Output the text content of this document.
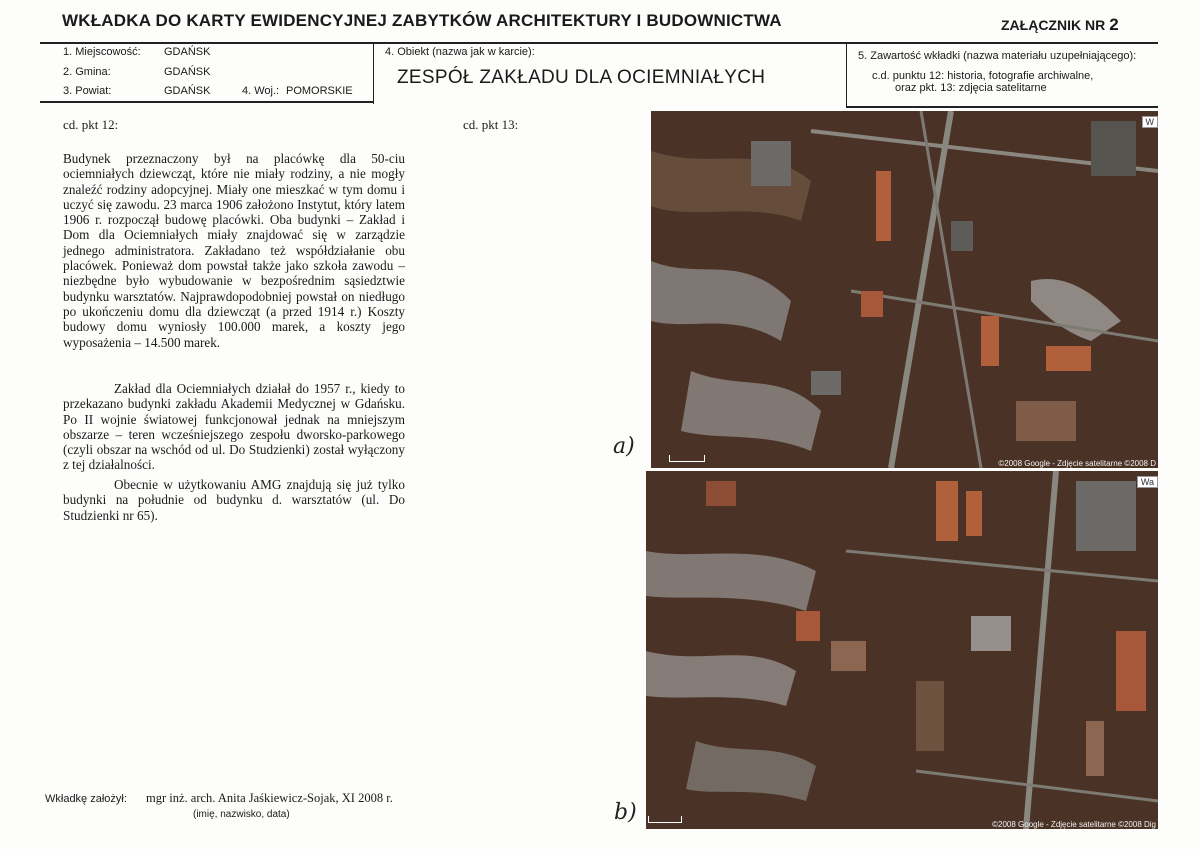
WKŁADKA DO KARTY EWIDENCYJNEJ ZABYTKÓW ARCHITEKTURY I BUDOWNICTWA	ZAŁĄCZNIK NR 2
1. Miejscowość: GDAŃSK
2. Gmina:	GDAŃSK
3. Powiat:	GDAŃSK	4. Woj.: POMORSKIE
4. Obiekt (nazwa jak w karcie):
ZESPÓŁ ZAKŁADU DLA OCIEMNIAŁYCH
5. Zawartość wkładki (nazwa materiału uzupełniającego):
c.d. punktu 12: historia, fotografie archiwalne,
oraz pkt. 13: zdjęcia satelitarne
cd. pkt 12:	cd. pkt 13:
Budynek przeznaczony był na placówkę dla 50-ciu ociemniałych dziewcząt, które nie miały rodziny, a nie mogły znaleźć rodziny adopcyjnej. Miały one mieszkać w tym domu i uczyć się zawodu. 23 marca 1906 założono Instytut, który latem 1906 r. rozpoczął budowę placówki. Oba budynki – Zakład i Dom dla Ociemniałych miały znajdować się w zarządzie jednego administratora. Zakładano też współdziałanie obu placówek. Ponieważ dom powstał także jako szkoła zawodu – niezbędne było wybudowanie w bezpośrednim sąsiedztwie budynku warsztatów. Najprawdopodobniej powstał on niedługo po ukończeniu domu dla dziewcząt (a przed 1914 r.) Koszty budowy domu wyniosły 100.000 marek, a koszty jego wyposażenia – 14.500 marek.
Zakład dla Ociemniałych działał do 1957 r., kiedy to przekazano budynki zakładu Akademii Medycznej w Gdańsku. Po II wojnie światowej funkcjonował jednak na mniejszym obszarze – teren wcześniejszego zespołu dworsko-parkowego (czyli obszar na wschód od ul. Do Studzienki) został wyłączony z tej działalności.
Obecnie w użytkowaniu AMG znajdują się już tylko budynki na południe od budynku d. warsztatów (ul. Do Studzienki nr 65).
©2008 Google - Zdjęcie satelitarne ©2008 D
W
a)
©2008 Google - Zdjęcie satelitarne ©2008 Dig
Wa
b)
Wkładkę założył: mgr inż. arch. Anita Jaśkiewicz-Sojak, XI 2008 r.
(imię, nazwisko, data)
